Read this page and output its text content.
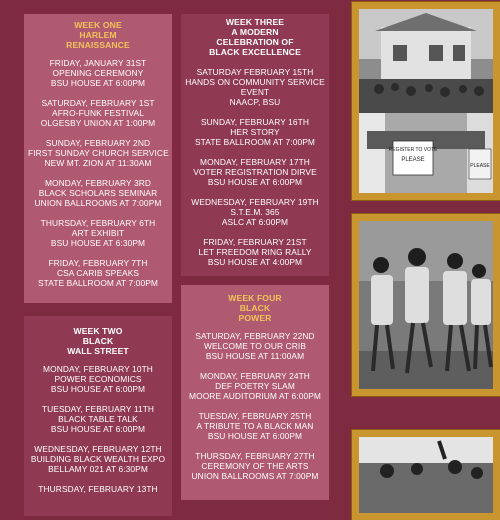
WEEK ONE
HARLEM
RENAISSANCE
FRIDAY, JANUARY 31ST
OPENING CEREMONY
BSU HOUSE AT 6:00PM
SATURDAY, FEBRUARY 1ST
AFRO-FUNK FESTIVAL
OLGESBY UNION AT 1:00PM
SUNDAY, FEBRUARY 2ND
FIRST SUNDAY CHURCH SERVICE
NEW MT. ZION AT 11:30AM
MONDAY, FEBRUARY 3RD
BLACK SCHOLARS SEMINAR
UNION BALLROOMS AT 7:00PM
THURSDAY, FEBRUARY 6TH
ART EXHIBIT
BSU HOUSE AT 6:30PM
FRIDAY, FEBRUARY 7TH
CSA CARIB SPEAKS
STATE BALLROOM AT 7:00PM
WEEK TWO
BLACK
WALL STREET
MONDAY, FEBRUARY 10TH
POWER ECONOMICS
BSU HOUSE AT 6:00PM
TUESDAY, FEBRUARY 11TH
BLACK TABLE TALK
BSU HOUSE AT 6:00PM
WEDNESDAY, FEBRUARY 12TH
BUILDING BLACK WEALTH EXPO
BELLAMY 021 AT 6:30PM
THURSDAY, FEBRUARY 13TH
WEEK THREE
A MODERN
CELEBRATION OF
BLACK EXCELLENCE
SATURDAY FEBRUARY 15TH
HANDS ON COMMUNITY SERVICE
EVENT
NAACP, BSU
SUNDAY, FEBRUARY 16TH
HER STORY
STATE BALLROOM AT 7:00PM
MONDAY, FEBRUARY 17TH
VOTER REGISTRATION DIRVE
BSU HOUSE AT 6:00PM
WEDNESDAY, FEBRUARY 19TH
S.T.E.M. 365
ASLC AT 6:00PM
FRIDAY, FEBRUARY 21ST
LET FREEDOM RING RALLY
BSU HOUSE AT 4:00PM
WEEK FOUR
BLACK
POWER
SATURDAY, FEBRUARY 22ND
WELCOME TO OUR CRIB
BSU HOUSE AT 11:00AM
MONDAY, FEBRUARY 24TH
DEF POETRY SLAM
MOORE AUDITORIUM AT 6:00PM
TUESDAY, FEBRUARY 25TH
A TRIBUTE TO A BLACK MAN
BSU HOUSE AT 6:00PM
THURSDAY, FEBRUARY 27TH
CEREMONY OF THE ARTS
UNION BALLROOMS AT 7:00PM
REGISTER TO VOTE
PLEASE
PLEASE
